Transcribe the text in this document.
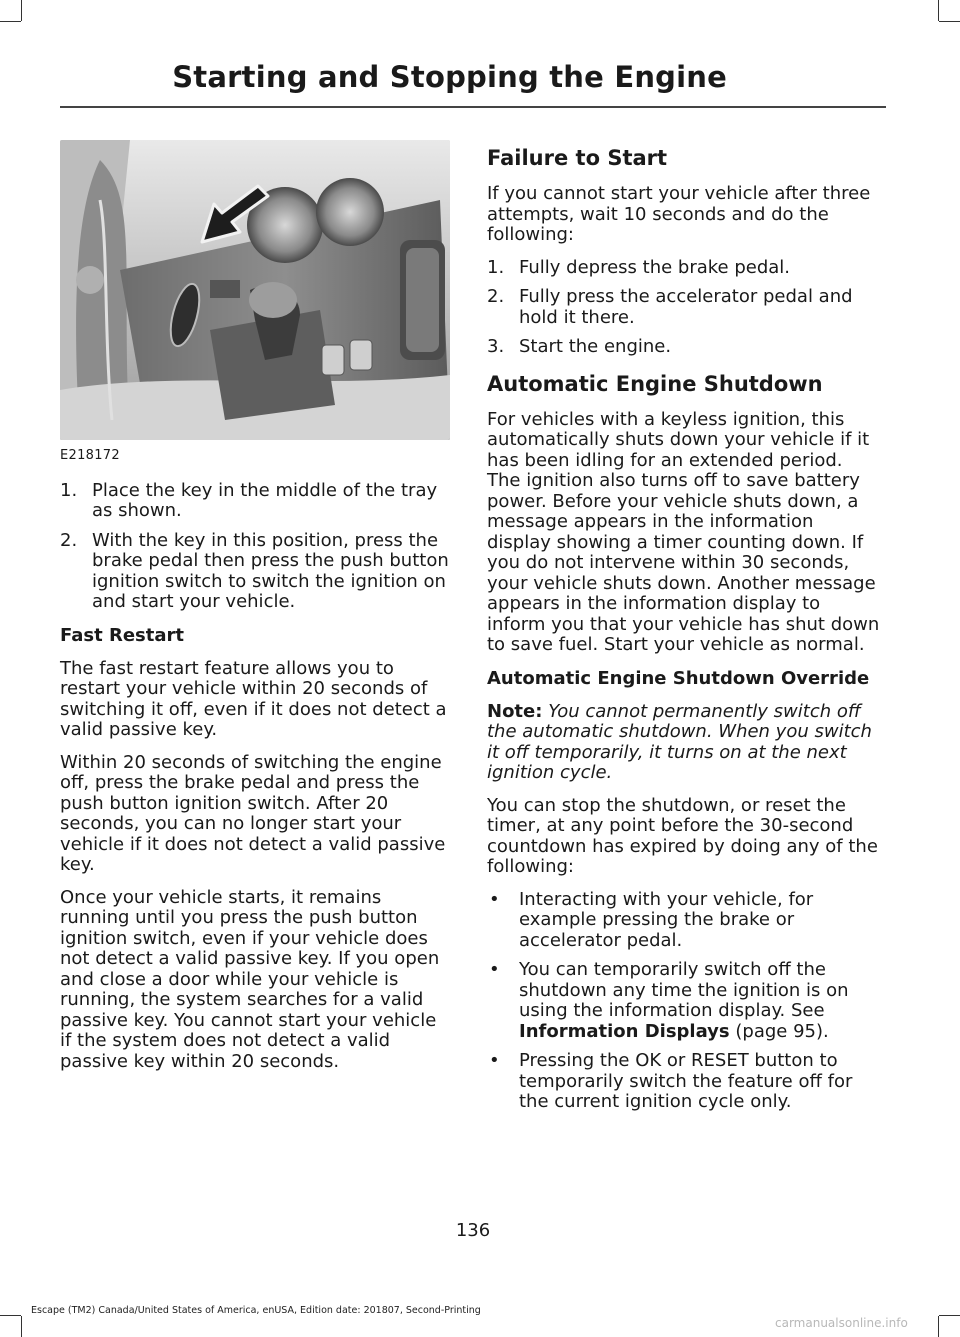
Starting and Stopping the Engine
E218172
1. Place the key in the middle of the tray as shown.
2. With the key in this position, press the brake pedal then press the push button ignition switch to switch the ignition on and start your vehicle.
Fast Restart

The fast restart feature allows you to restart your vehicle within 20 seconds of switching it off, even if it does not detect a valid passive key.

Within 20 seconds of switching the engine off, press the brake pedal and press the push button ignition switch. After 20 seconds, you can no longer start your vehicle if it does not detect a valid passive key.

Once your vehicle starts, it remains running until you press the push button ignition switch, even if your vehicle does not detect a valid passive key. If you open and close a door while your vehicle is running, the system searches for a valid passive key. You cannot start your vehicle if the system does not detect a valid passive key within 20 seconds.

Failure to Start

If you cannot start your vehicle after three attempts, wait 10 seconds and do the following:

1. Fully depress the brake pedal.
2. Fully press the accelerator pedal and hold it there.
3. Start the engine.
Automatic Engine Shutdown

For vehicles with a keyless ignition, this automatically shuts down your vehicle if it has been idling for an extended period. The ignition also turns off to save battery power. Before your vehicle shuts down, a message appears in the information display showing a timer counting down. If you do not intervene within 30 seconds, your vehicle shuts down. Another message appears in the information display to inform you that your vehicle has shut down to save fuel. Start your vehicle as normal.

Automatic Engine Shutdown Override

Note: You cannot permanently switch off the automatic shutdown. When you switch it off temporarily, it turns on at the next ignition cycle.

You can stop the shutdown, or reset the timer, at any point before the 30-second countdown has expired by doing any of the following:

• Interacting with your vehicle, for example pressing the brake or accelerator pedal.
• You can temporarily switch off the shutdown any time the ignition is on using the information display. See Information Displays (page 95).
• Pressing the OK or RESET button to temporarily switch the feature off for the current ignition cycle only.
136
Escape (TM2) Canada/United States of America, enUSA, Edition date: 201807, Second-Printing
carmanualsonline.info
